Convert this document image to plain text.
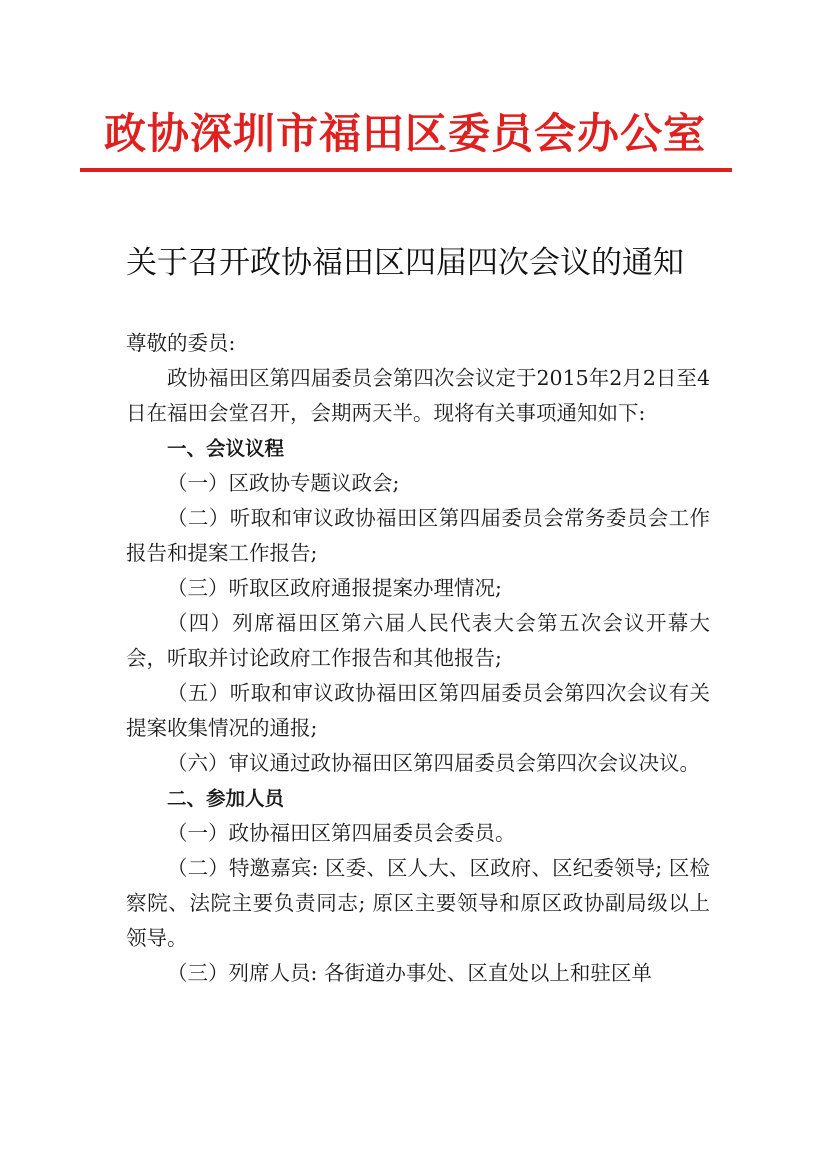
政协深圳市福田区委员会办公室
关于召开政协福田区四届四次会议的通知

尊敬的委员:

政协福田区第四届委员会第四次会议定于2015年2月2日至4日在福田会堂召开，会期两天半。现将有关事项通知如下:

一、会议议程

（一）区政协专题议政会;

（二）听取和审议政协福田区第四届委员会常务委员会工作报告和提案工作报告;

（三）听取区政府通报提案办理情况;

（四）列席福田区第六届人民代表大会第五次会议开幕大会，听取并讨论政府工作报告和其他报告;

（五）听取和审议政协福田区第四届委员会第四次会议有关提案收集情况的通报;

（六）审议通过政协福田区第四届委员会第四次会议决议。

二、参加人员

（一）政协福田区第四届委员会委员。

（二）特邀嘉宾: 区委、区人大、区政府、区纪委领导; 区检察院、法院主要负责同志; 原区主要领导和原区政协副局级以上领导。

（三）列席人员: 各街道办事处、区直处以上和驻区单
